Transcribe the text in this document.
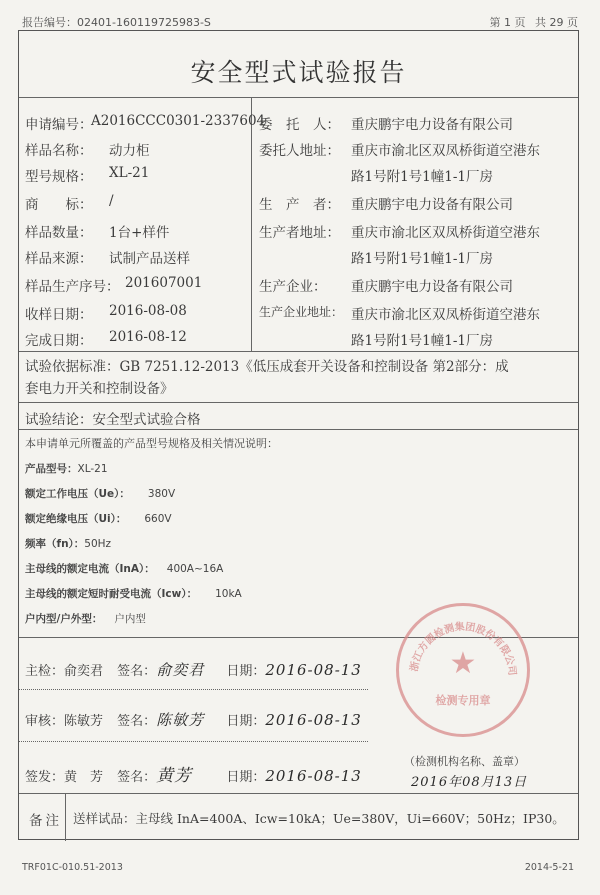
报告编号：02401-160119725983-S	第 1 页 共 29 页
安全型式试验报告
申请编号：
A2016CCC0301-2337604
样品名称： 动力柜
型号规格： XL-21
商　　标： /
样品数量： 1台+样件
样品来源： 试制产品送样
样品生产序号： 201607001
收样日期： 2016-08-08
完成日期： 2016-08-12
委　托　人： 重庆鹏宇电力设备有限公司
委托人地址： 重庆市渝北区双凤桥街道空港东
路1号附1号1幢1-1厂房
生　产　者： 重庆鹏宇电力设备有限公司
生产者地址： 重庆市渝北区双凤桥街道空港东
路1号附1号1幢1-1厂房
生产企业： 重庆鹏宇电力设备有限公司
生产企业地址： 重庆市渝北区双凤桥街道空港东
路1号附1号1幢1-1厂房
试验依据标准：GB 7251.12-2013《低压成套开关设备和控制设备 第2部分：成
套电力开关和控制设备》
试验结论：安全型式试验合格
本申请单元所覆盖的产品型号规格及相关情况说明：
产品型号：XL-21
额定工作电压（Ue）： 380V
额定绝缘电压（Ui）： 660V
频率（fn）：50Hz
主母线的额定电流（InA）： 400A~16A
主母线的额定短时耐受电流（Icw）： 10kA
户内型/户外型： 户内型
浙江方圆检测集团股份有限公司
★
检测专用章
主检：俞奕君 签名：俞奕君 日期：2016-08-13
审核：陈敏芳 签名：陈敏芳 日期：2016-08-13
签发：黄　芳 签名：黄芳	日期：2016-08-13
（检测机构名称、盖章）
2016年08月13日
备注 送样试品：主母线 InA=400A、Icw=10kA；Ue=380V，Ui=660V；50Hz；IP30。
TRF01C-010.51-2013	2014-5-21
